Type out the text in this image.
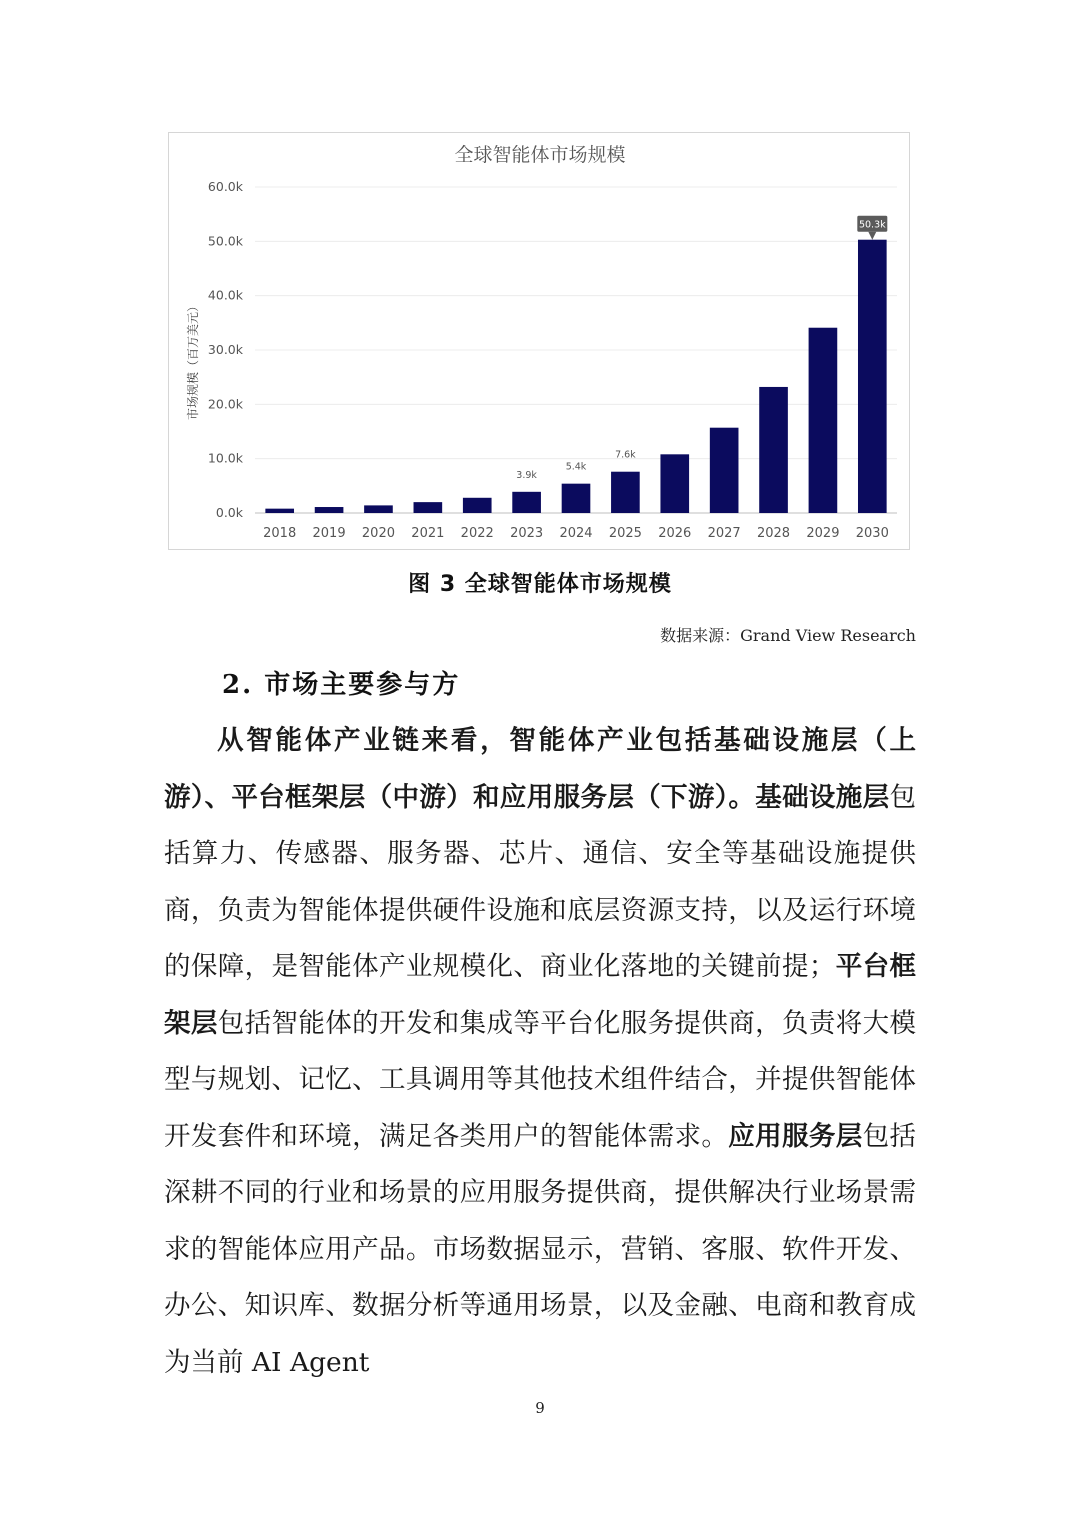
全球智能体市场规模
市场规模（百万美元）
0.0k
10.0k
20.0k
30.0k
40.0k
50.0k
60.0k
2018 2019 2020 2021 2022 2023
3.9k
2024
5.4k
2025
7.6k
2026 2027 2028 2029 2030
50.3k
图 3 全球智能体市场规模
数据来源：Grand View Research
2. 市场主要参与方

从智能体产业链来看，智能体产业包括基础设施层（上游）、平台框架层（中游）和应用服务层（下游）。基础设施层包括算力、传感器、服务器、芯片、通信、安全等基础设施提供商，负责为智能体提供硬件设施和底层资源支持，以及运行环境的保障，是智能体产业规模化、商业化落地的关键前提；平台框架层包括智能体的开发和集成等平台化服务提供商，负责将大模型与规划、记忆、工具调用等其他技术组件结合，并提供智能体开发套件和环境，满足各类用户的智能体需求。应用服务层包括深耕不同的行业和场景的应用服务提供商，提供解决行业场景需求的智能体应用产品。市场数据显示，营销、客服、软件开发、办公、知识库、数据分析等通用场景，以及金融、电商和教育成为当前 AI Agent

9
